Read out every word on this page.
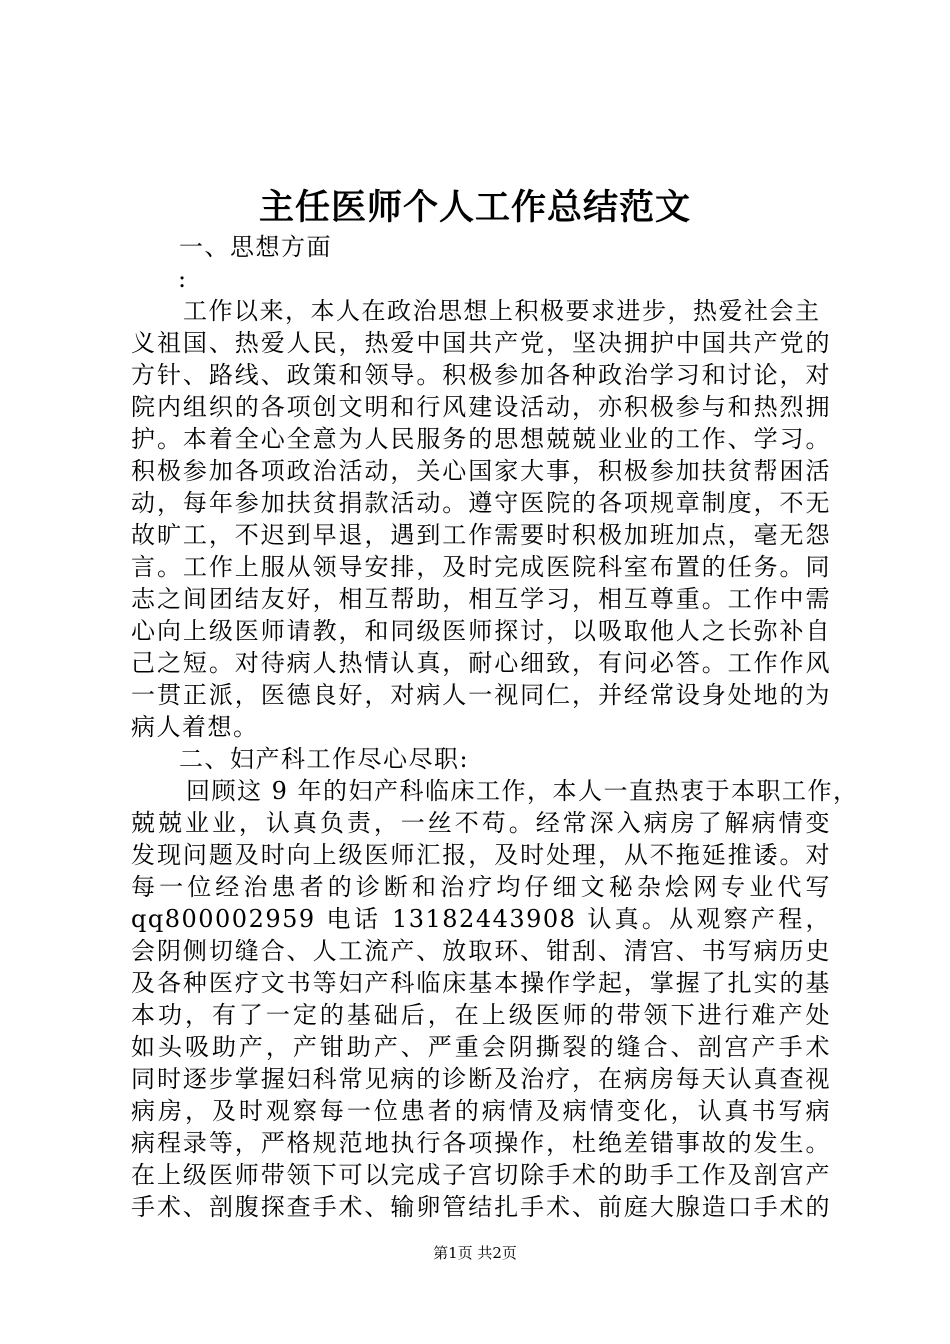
主任医师个人工作总结范文
一、思想方面
:
工作以来，本人在政治思想上积极要求进步，热爱社会主
义祖国、热爱人民，热爱中国共产党，坚决拥护中国共产党的
方针、路线、政策和领导。积极参加各种政治学习和讨论，对
院内组织的各项创文明和行风建设活动，亦积极参与和热烈拥
护。本着全心全意为人民服务的思想兢兢业业的工作、学习。
积极参加各项政治活动，关心国家大事，积极参加扶贫帮困活
动，每年参加扶贫捐款活动。遵守医院的各项规章制度，不无
故旷工，不迟到早退，遇到工作需要时积极加班加点，毫无怨
言。工作上服从领导安排，及时完成医院科室布置的任务。同
志之间团结友好，相互帮助，相互学习，相互尊重。工作中需
心向上级医师请教，和同级医师探讨，以吸取他人之长弥补自
己之短。对待病人热情认真，耐心细致，有问必答。工作作风
一贯正派，医德良好，对病人一视同仁，并经常设身处地的为
病人着想。
二、妇产科工作尽心尽职:
回顾这 9 年的妇产科临床工作，本人一直热衷于本职工作，
兢兢业业，认真负责，一丝不苟。经常深入病房了解病情变
发现问题及时向上级医师汇报，及时处理，从不拖延推诿。对
每一位经治患者的诊断和治疗均仔细文秘杂烩网专业代写
qq800002959 电话 13182443908 认真。从观察产程，
会阴侧切缝合、人工流产、放取环、钳刮、清宫、书写病历史
及各种医疗文书等妇产科临床基本操作学起，掌握了扎实的基
本功，有了一定的基础后，在上级医师的带领下进行难产处
如头吸助产，产钳助产、严重会阴撕裂的缝合、剖宫产手术
同时逐步掌握妇科常见病的诊断及治疗，在病房每天认真查视
病房，及时观察每一位患者的病情及病情变化，认真书写病
病程录等，严格规范地执行各项操作，杜绝差错事故的发生。
在上级医师带领下可以完成子宫切除手术的助手工作及剖宫产
手术、剖腹探查手术、输卵管结扎手术、前庭大腺造口手术的
第1页 共2页
